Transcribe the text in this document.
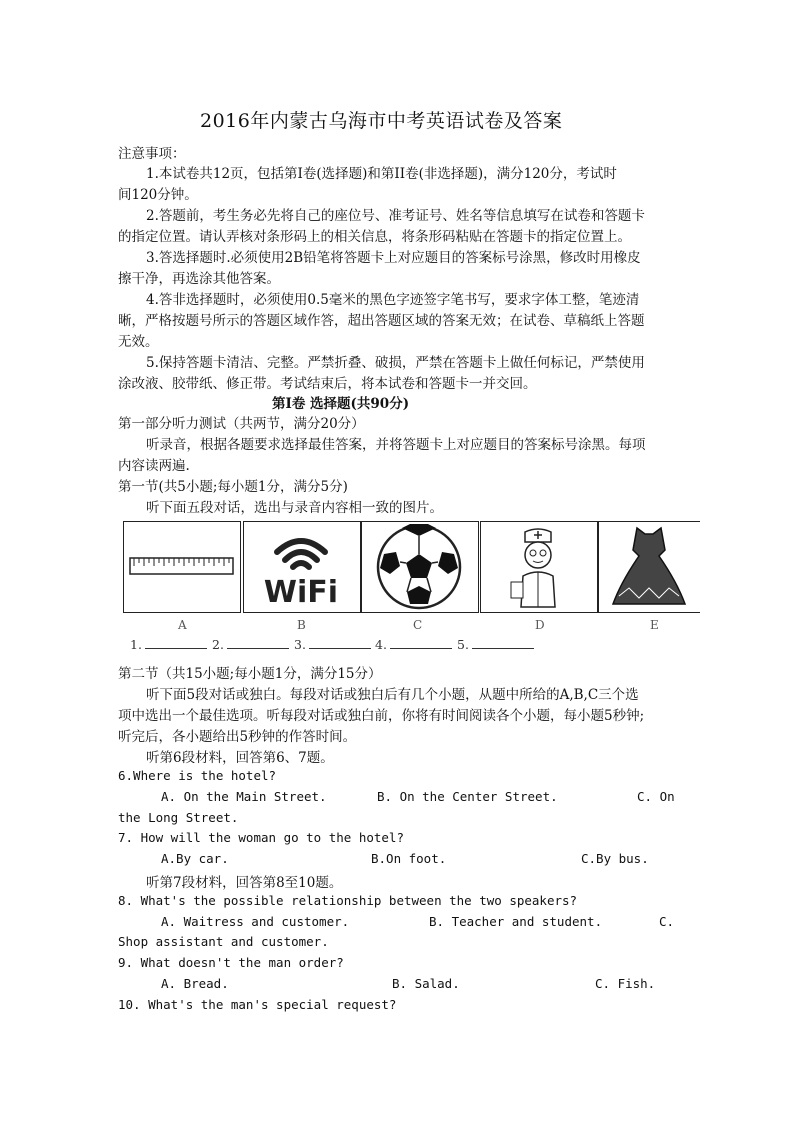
2016年内蒙古乌海市中考英语试卷及答案
注意事项：
1.本试卷共12页，包括第Ⅰ卷(选择题)和第II卷(非选择题)，满分120分，考试时
间120分钟。
2.答题前，考生务必先将自己的座位号、准考证号、姓名等信息填写在试卷和答题卡
的指定位置。请认弄核对条形码上的相关信息，将条形码粘贴在答题卡的指定位置上。
3.答选择题时.必须使用2B铅笔将答题卡上对应题目的答案标号涂黑，修改时用橡皮
擦干净，再选涂其他答案。
4.答非选择题时，必须使用0.5毫米的黑色字迹签字笔书写，要求字体工整，笔迹清
晰，严格按题号所示的答题区域作答，超出答题区域的答案无效；在试卷、草稿纸上答题
无效。
5.保持答题卡清洁、完整。严禁折叠、破损，严禁在答题卡上做任何标记，严禁使用
涂改液、胶带纸、修正带。考试结束后，将本试卷和答题卡一并交回。
第Ⅰ卷 选择题(共90分)
第一部分听力测试（共两节，满分20分）
听录音，根据各题要求选择最佳答案，并将答题卡上对应题目的答案标号涂黑。每项
内容读两遍.
第一节(共5小题;每小题1分，满分5分)
听下面五段对话，选出与录音内容相一致的图片。
WiFi
A	B	C	D	E
1.	2.	3.	4.	5.
第二节（共15小题;每小题1分，满分15分）
听下面5段对话或独白。每段对话或独白后有几个小题，从题中所给的A,B,C三个选
项中选出一个最佳选项。听每段对话或独白前，你将有时间阅读各个小题，每小题5秒钟;
听完后，各小题给出5秒钟的作答时间。
听第6段材料，回答第6、7题。
6.Where is the hotel?
A. On the Main Street.	B. On the Center Street.	C. On
the Long Street.
7. How will the woman go to the hotel?
A.By car.	B.On foot.	C.By bus.
听第7段材料，回答第8至10题。
8. What's the possible relationship between the two speakers?
A. Waitress and customer.	B. Teacher and student.	C.
Shop assistant and customer.
9. What doesn't the man order?
A. Bread.	B. Salad.	C. Fish.
10. What's the man's special request?
